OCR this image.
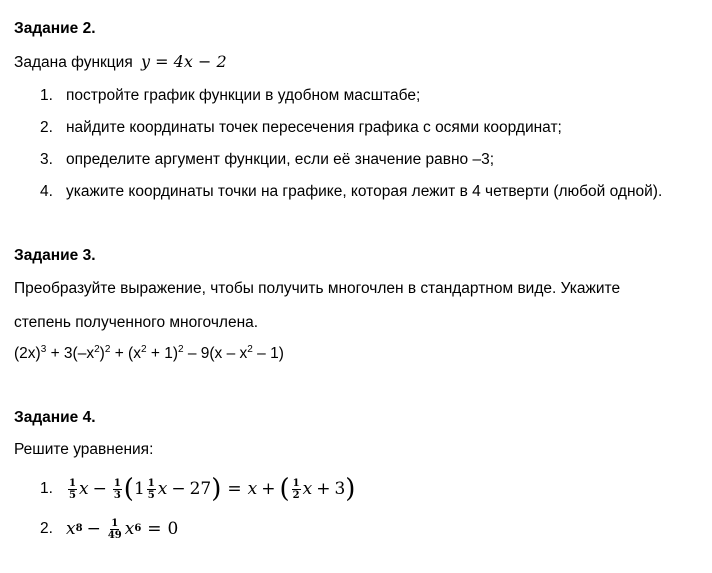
Задание 2.
Задана функция y = 4x − 2
1. постройте график функции в удобном масштабе;
2. найдите координаты точек пересечения графика с осями координат;
3. определите аргумент функции, если её значение равно –3;
4. укажите координаты точки на графике, которая лежит в 4 четверти (любой одной).
Задание 3.
Преобразуйте выражение, чтобы получить многочлен в стандартном виде. Укажите
степень полученного многочлена.
$(2x)^3 + 3(-x^2)^2 + (x^2 + 1)^2 - 9(x - x^2 - 1)$
Задание 4.
Решите уравнения:
1.	$\frac{1}{5}$ $x - \frac{1}{3}$ ( $1 \frac{1}{5}$ x − 27 ) = x + ( $\frac{1}{2}$ x + 3 )
2. x $8 - \frac{1}{49}$ x 6 = 0
